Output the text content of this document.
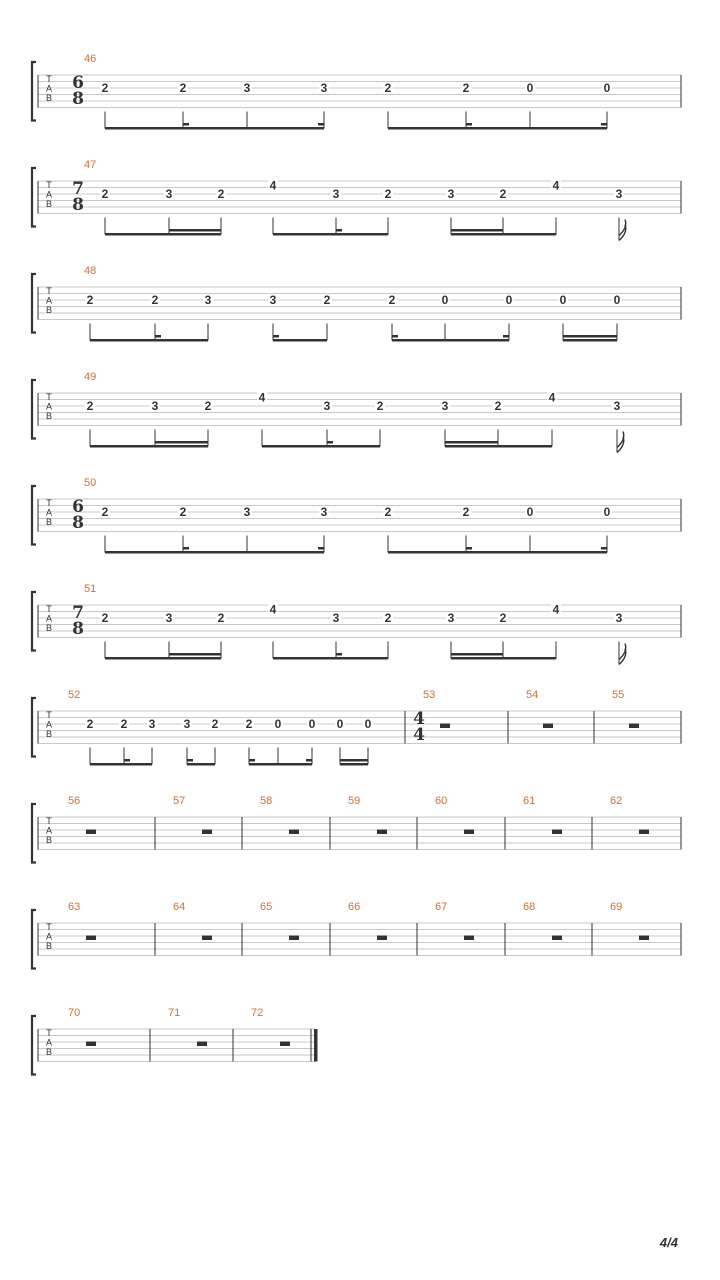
T
A
B
46
6
8
2	2	3	3	2	2	0	0
T
A
B
47
7
8
2	3	2
4
3	2	3	2
4
3
T
A
B
48
2	2	3	3	2	2	0	0	0	0
T
A
B
49
2	3	2
4
3	2	3	2
4
3
T
A
B
50
6
8
2	2	3	3	2	2	0	0
T
A
B
51
7
8
2	3	2
4
3	2	3	2
4
3
T
A
B
52
2 2 3 3 2 2 0 0 0 0
53
4
4
54	55
T
A
B
56	57	58	59	60	61	62
T
A
B
63	64	65	66	67	68	69
T
A
B
70	71	72
4/4
